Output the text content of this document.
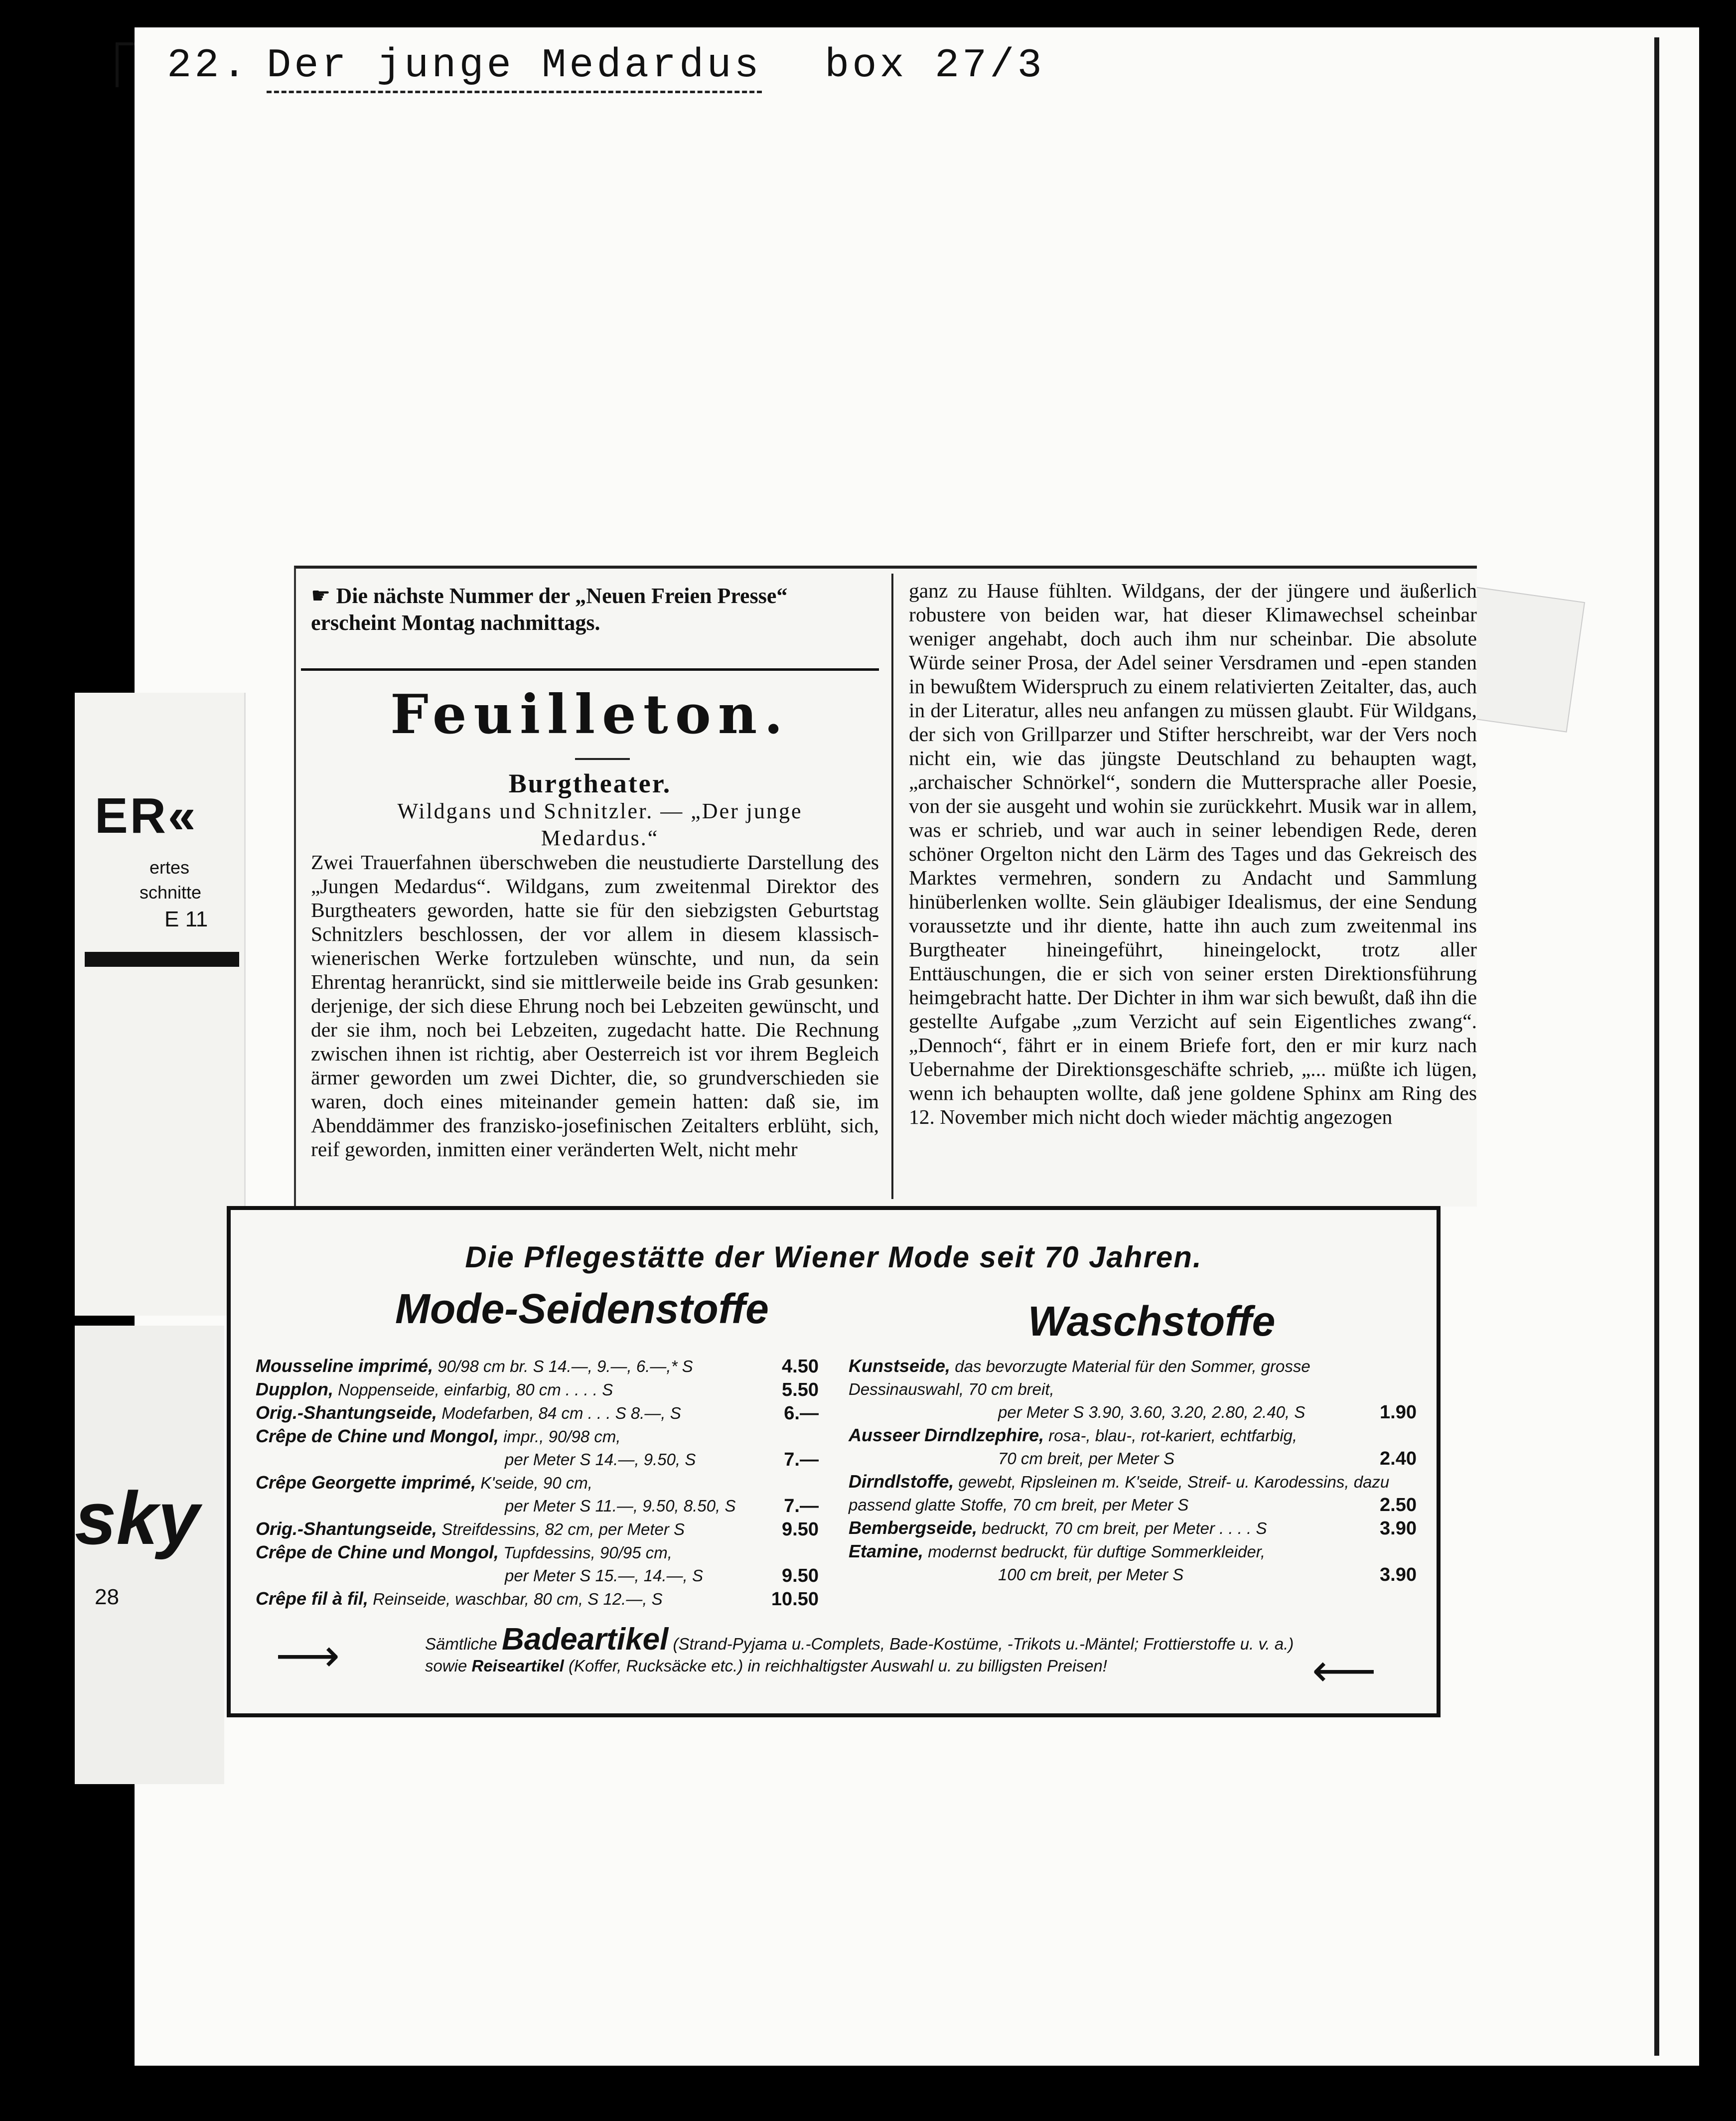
22. Der junge Medardus box 27/3
ER«
ertes
schnitte
E 11
sky
28
☛ Die nächste Nummer der „Neuen Freien Presse“
erscheint Montag nachmittags.
Feuilleton.
Burgtheater.
Wildgans und Schnitzler. — „Der junge
Medardus.“
Zwei Trauerfahnen überschweben die neustudierte Darstellung des „Jungen Medardus“. Wildgans, zum zweitenmal Direktor des Burgtheaters geworden, hatte sie für den siebzigsten Geburtstag Schnitzlers beschlossen, der vor allem in diesem klassisch-wienerischen Werke fortzuleben wünschte, und nun, da sein Ehrentag heranrückt, sind sie mittlerweile beide ins Grab gesunken: derjenige, der sich diese Ehrung noch bei Lebzeiten gewünscht, und der sie ihm, noch bei Lebzeiten, zugedacht hatte. Die Rechnung zwischen ihnen ist richtig, aber Oesterreich ist vor ihrem Begleich ärmer geworden um zwei Dichter, die, so grundverschieden sie waren, doch eines miteinander gemein hatten: daß sie, im Abenddämmer des franzisko-josefinischen Zeitalters erblüht, sich, reif geworden, inmitten einer veränderten Welt, nicht mehr
ganz zu Hause fühlten. Wildgans, der der jüngere und äußerlich robustere von beiden war, hat dieser Klimawechsel scheinbar weniger angehabt, doch auch ihm nur scheinbar. Die absolute Würde seiner Prosa, der Adel seiner Versdramen und -epen standen in bewußtem Widerspruch zu einem relativierten Zeitalter, das, auch in der Literatur, alles neu anfangen zu müssen glaubt. Für Wildgans, der sich von Grillparzer und Stifter herschreibt, war der Vers noch nicht ein, wie das jüngste Deutschland zu behaupten wagt, „archaischer Schnörkel“, sondern die Muttersprache aller Poesie, von der sie ausgeht und wohin sie zurückkehrt. Musik war in allem, was er schrieb, und war auch in seiner lebendigen Rede, deren schöner Orgelton nicht den Lärm des Tages und das Gekreisch des Marktes vermehren, sondern zu Andacht und Sammlung hinüberlenken wollte. Sein gläubiger Idealismus, der eine Sendung voraussetzte und ihr diente, hatte ihn auch zum zweitenmal ins Burgtheater hineingeführt, hineingelockt, trotz aller Enttäuschungen, die er sich von seiner ersten Direktionsführung heimgebracht hatte. Der Dichter in ihm war sich bewußt, daß ihn die gestellte Aufgabe „zum Verzicht auf sein Eigentliches zwang“. „Dennoch“, fährt er in einem Briefe fort, den er mir kurz nach Uebernahme der Direktionsgeschäfte schrieb, „... müßte ich lügen, wenn ich behaupten wollte, daß jene goldene Sphinx am Ring des 12. November mich nicht doch wieder mächtig angezogen
Die Pflegestätte der Wiener Mode seit 70 Jahren.
Mode-Seidenstoffe	Waschstoffe
Mousseline imprimé, 90/98 cm br. S 14.—, 9.—, 6.—,* S	4.50
Dupplon, Noppenseide, einfarbig, 80 cm . . . . S	5.50
Orig.-Shantungseide, Modefarben, 84 cm . . . S 8.—, S	6.—
Crêpe de Chine und Mongol, impr., 90/98 cm,
per Meter S 14.—, 9.50, S	7.—
Crêpe Georgette imprimé, K'seide, 90 cm,
per Meter S 11.—, 9.50, 8.50, S	7.—
Orig.-Shantungseide, Streifdessins, 82 cm, per Meter S	9.50
Crêpe de Chine und Mongol, Tupfdessins, 90/95 cm,
per Meter S 15.—, 14.—, S	9.50
Crêpe fil à fil, Reinseide, waschbar, 80 cm, S 12.—, S	10.50
Kunstseide, das bevorzugte Material für den Sommer, grosse Dessinauswahl, 70 cm breit,
per Meter S 3.90, 3.60, 3.20, 2.80, 2.40, S	1.90
Ausseer Dirndlzephire, rosa-, blau-, rot-kariert, echtfarbig,
70 cm breit, per Meter S	2.40
Dirndlstoffe, gewebt, Ripsleinen m. K'seide, Streif- u. Karodessins, dazu passend glatte Stoffe, 70 cm breit, per Meter S	2.50
Bembergseide, bedruckt, 70 cm breit, per Meter . . . . S	3.90
Etamine, modernst bedruckt, für duftige Sommerkleider,
100 cm breit, per Meter S	3.90
⟶	Sämtliche Badeartikel (Strand-Pyjama u.-Complets, Bade-Kostüme, -Trikots u.-Mäntel; Frottierstoffe u. v. a.) sowie Reiseartikel (Koffer, Rucksäcke etc.) in reichhaltigster Auswahl u. zu billigsten Preisen!	⟵
